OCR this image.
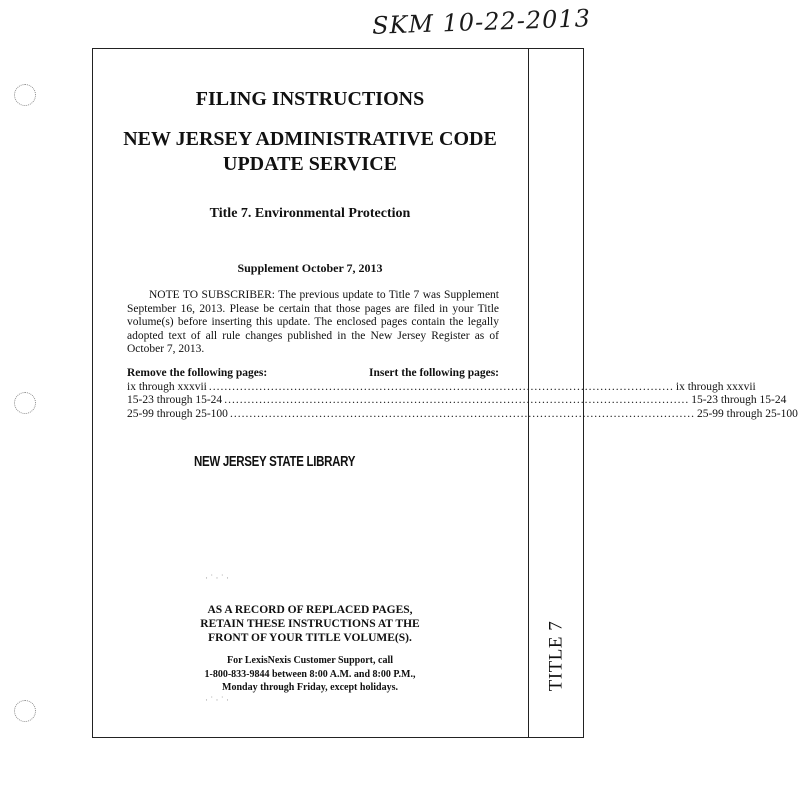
SKM 10-22-2013
TITLE 7
FILING INSTRUCTIONS
NEW JERSEY ADMINISTRATIVE CODE
UPDATE SERVICE
Title 7. Environmental Protection
Supplement October 7, 2013
NOTE TO SUBSCRIBER: The previous update to Title 7 was Supplement September 16, 2013. Please be certain that those pages are filed in your Title volume(s) before inserting this update. The enclosed pages contain the legally adopted text of all rule changes published in the New Jersey Register as of October 7, 2013.
Remove the following pages:	Insert the following pages:
ix through xxxvii ........................................................................................................................ ix through xxxvii
15-23 through 15-24 ........................................................................................................................ 15-23 through 15-24
25-99 through 25-100 ........................................................................................................................ 25-99 through 25-100
NEW JERSEY STATE LIBRARY
AS A RECORD OF REPLACED PAGES,
RETAIN THESE INSTRUCTIONS AT THE
FRONT OF YOUR TITLE VOLUME(S).
For LexisNexis Customer Support, call
1-800-833-9844 between 8:00 A.M. and 8:00 P.M.,
Monday through Friday, except holidays.
· ˙ · ˙ ·
· ˙ · ˙ ·
